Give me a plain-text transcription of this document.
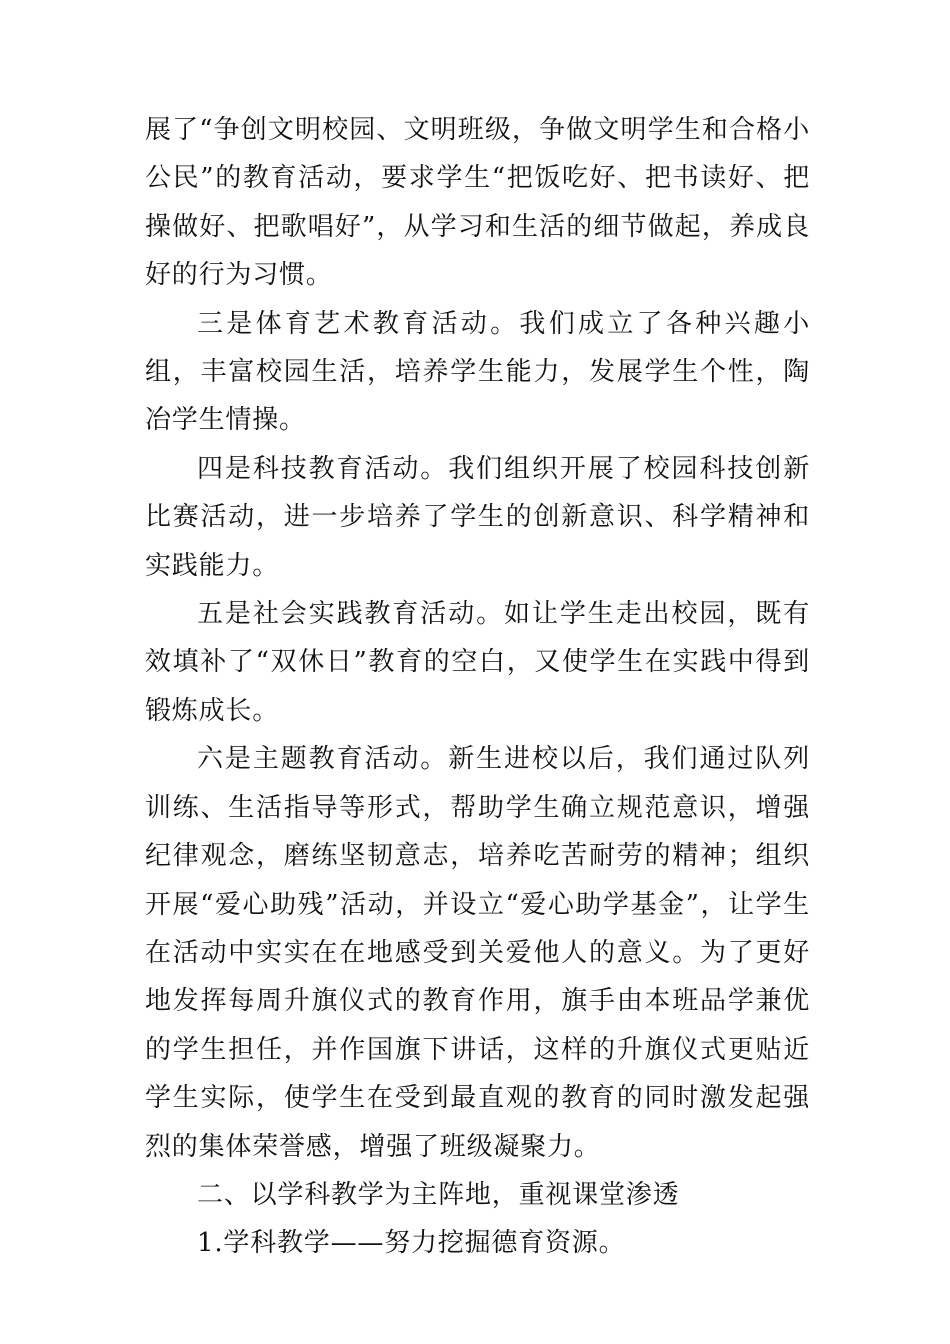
展了“争创文明校园、文明班级，争做文明学生和合格小公民”的教育活动，要求学生“把饭吃好、把书读好、把操做好、把歌唱好”，从学习和生活的细节做起，养成良好的行为习惯。

三是体育艺术教育活动。我们成立了各种兴趣小组，丰富校园生活，培养学生能力，发展学生个性，陶冶学生情操。

四是科技教育活动。我们组织开展了校园科技创新比赛活动，进一步培养了学生的创新意识、科学精神和实践能力。

五是社会实践教育活动。如让学生走出校园，既有效填补了“双休日”教育的空白，又使学生在实践中得到锻炼成长。

六是主题教育活动。新生进校以后，我们通过队列训练、生活指导等形式，帮助学生确立规范意识，增强纪律观念，磨练坚韧意志，培养吃苦耐劳的精神；组织开展“爱心助残”活动，并设立“爱心助学基金”，让学生在活动中实实在在地感受到关爱他人的意义。为了更好地发挥每周升旗仪式的教育作用，旗手由本班品学兼优的学生担任，并作国旗下讲话，这样的升旗仪式更贴近学生实际，使学生在受到最直观的教育的同时激发起强烈的集体荣誉感，增强了班级凝聚力。

二、以学科教学为主阵地，重视课堂渗透

1.学科教学——努力挖掘德育资源。
